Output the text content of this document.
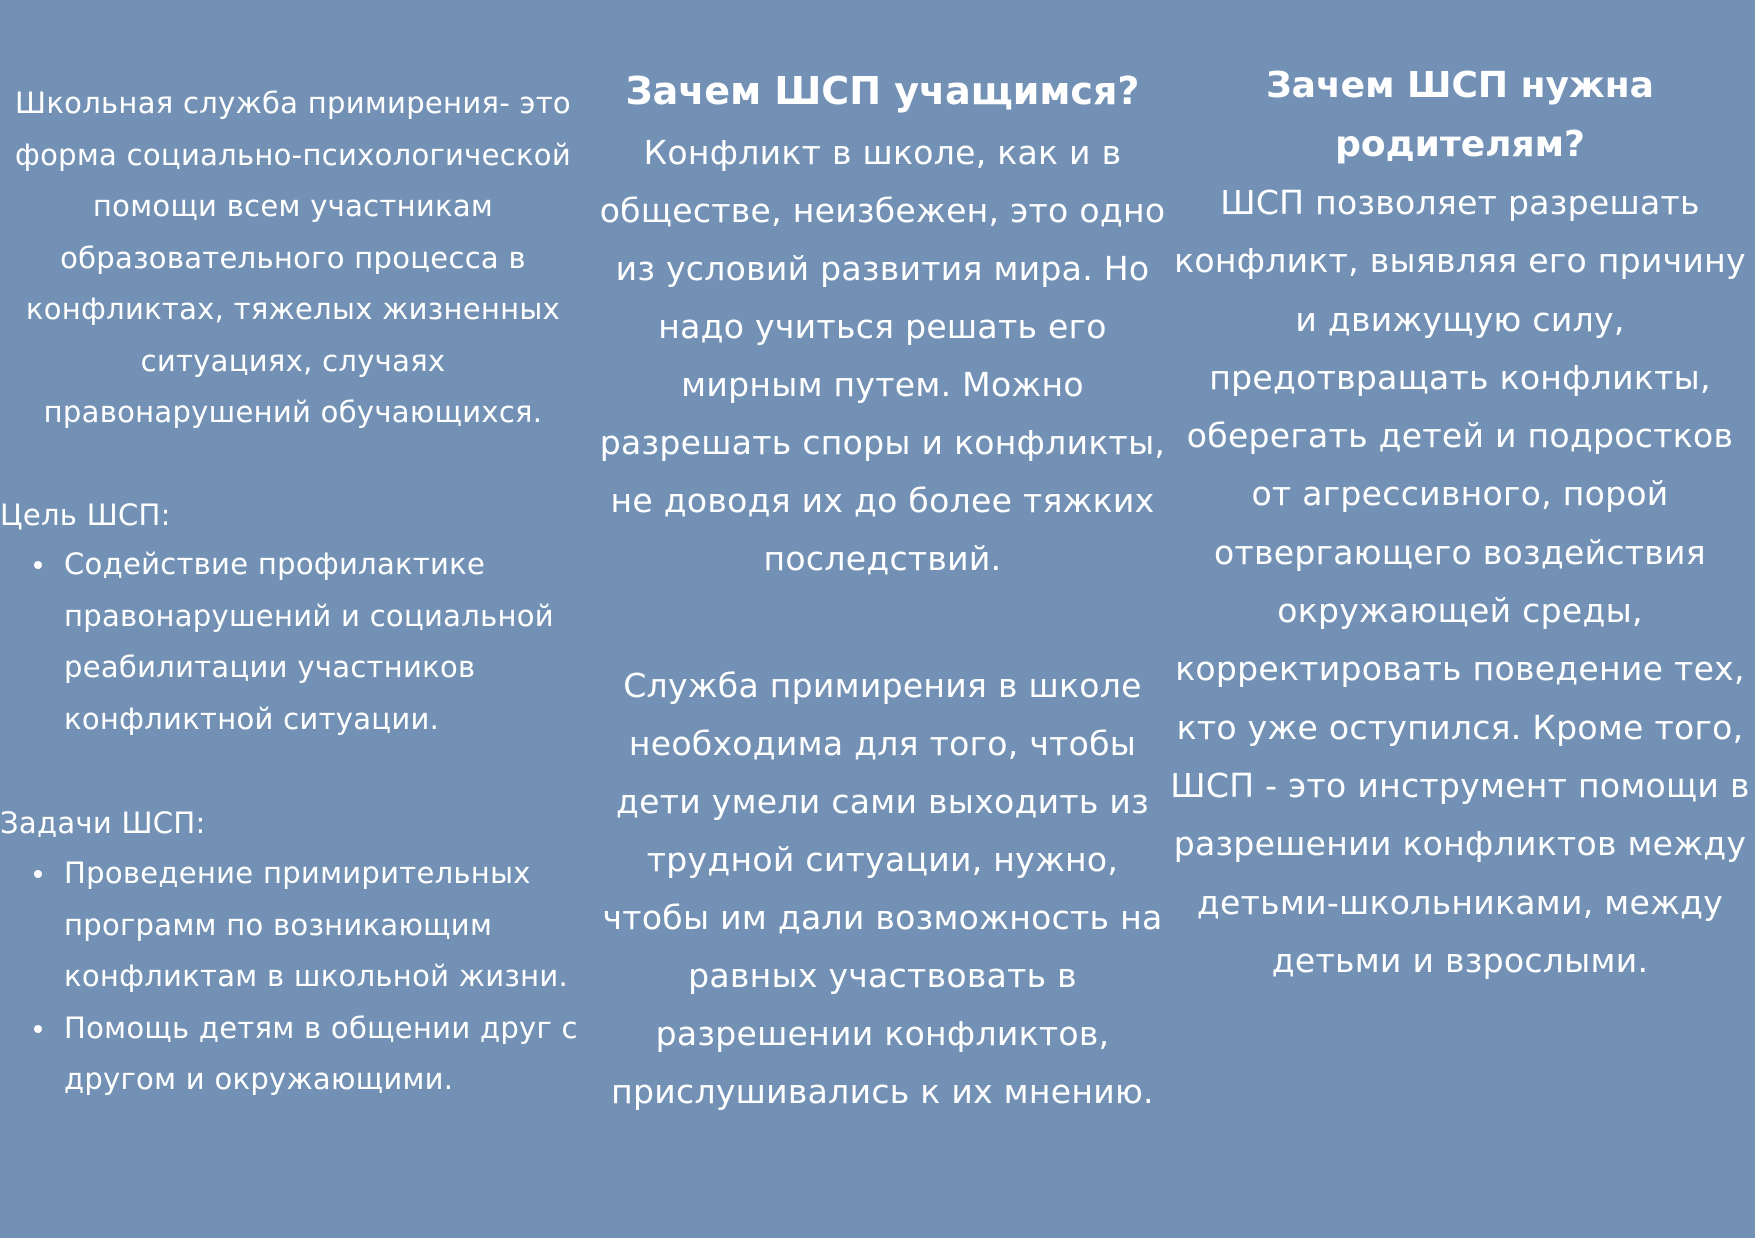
Школьная служба примирения- это форма социально-психологической помощи всем участникам образовательного процесса в конфликтах, тяжелых жизненных ситуациях, случаях правонарушений обучающихся.
Цель ШСП:
Содействие профилактике правонарушений и социальной реабилитации участников конфликтной ситуации.
Задачи ШСП:
Проведение примирительных программ по возникающим конфликтам в школьной жизни.
Помощь детям в общении друг с другом и окружающими.
Зачем ШСП учащимся?
Конфликт в школе, как и в обществе, неизбежен, это одно из условий развития мира. Но надо учиться решать его мирным путем. Можно разрешать споры и конфликты, не доводя их до более тяжких последствий.
Служба примирения в школе необходима для того, чтобы дети умели сами выходить из трудной ситуации, нужно, чтобы им дали возможность на равных участвовать в разрешении конфликтов, прислушивались к их мнению.
Зачем ШСП нужна родителям?
ШСП позволяет разрешать конфликт, выявляя его причину и движущую силу, предотвращать конфликты, оберегать детей и подростков от агрессивного, порой отвергающего воздействия окружающей среды, корректировать поведение тех, кто уже оступился. Кроме того, ШСП - это инструмент помощи в разрешении конфликтов между детьми-школьниками, между детьми и взрослыми.
